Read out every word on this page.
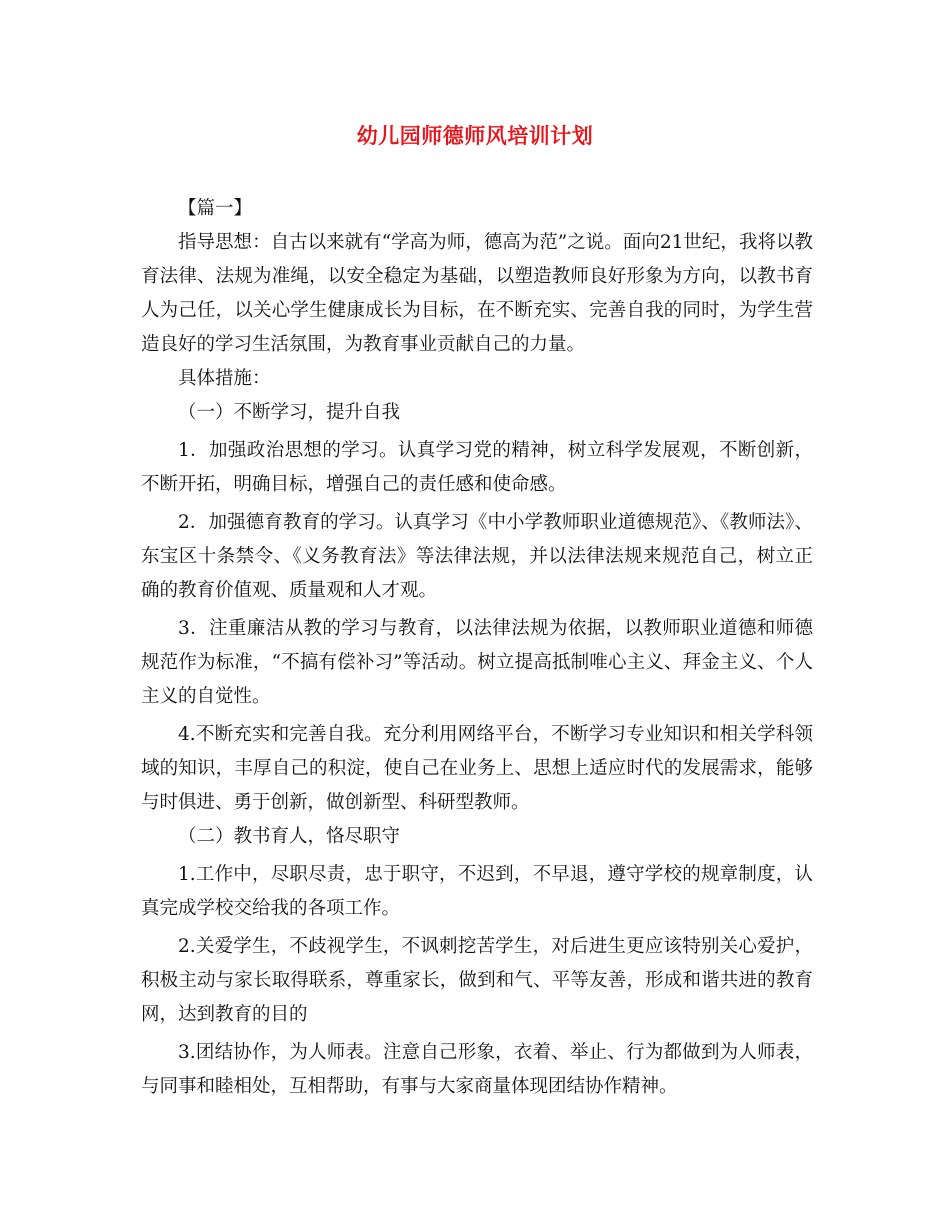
幼儿园师德师风培训计划

【篇一】

指导思想：自古以来就有“学高为师，德高为范”之说。面向21世纪，我将以教育法律、法规为准绳，以安全稳定为基础，以塑造教师良好形象为方向，以教书育人为己任，以关心学生健康成长为目标，在不断充实、完善自我的同时，为学生营造良好的学习生活氛围，为教育事业贡献自己的力量。

具体措施：

（一）不断学习，提升自我

1．加强政治思想的学习。认真学习党的精神，树立科学发展观，不断创新，不断开拓，明确目标，增强自己的责任感和使命感。

2．加强德育教育的学习。认真学习《中小学教师职业道德规范》、《教师法》、东宝区十条禁令、《义务教育法》等法律法规，并以法律法规来规范自己，树立正确的教育价值观、质量观和人才观。

3．注重廉洁从教的学习与教育，以法律法规为依据，以教师职业道德和师德规范作为标准，“不搞有偿补习”等活动。树立提高抵制唯心主义、拜金主义、个人主义的自觉性。

4.不断充实和完善自我。充分利用网络平台，不断学习专业知识和相关学科领域的知识，丰厚自己的积淀，使自己在业务上、思想上适应时代的发展需求，能够与时俱进、勇于创新，做创新型、科研型教师。

（二）教书育人，恪尽职守

1.工作中，尽职尽责，忠于职守，不迟到，不早退，遵守学校的规章制度，认真完成学校交给我的各项工作。

2.关爱学生，不歧视学生，不讽刺挖苦学生，对后进生更应该特别关心爱护，积极主动与家长取得联系，尊重家长，做到和气、平等友善，形成和谐共进的教育网，达到教育的目的

3.团结协作，为人师表。注意自己形象，衣着、举止、行为都做到为人师表，与同事和睦相处，互相帮助，有事与大家商量体现团结协作精神。
